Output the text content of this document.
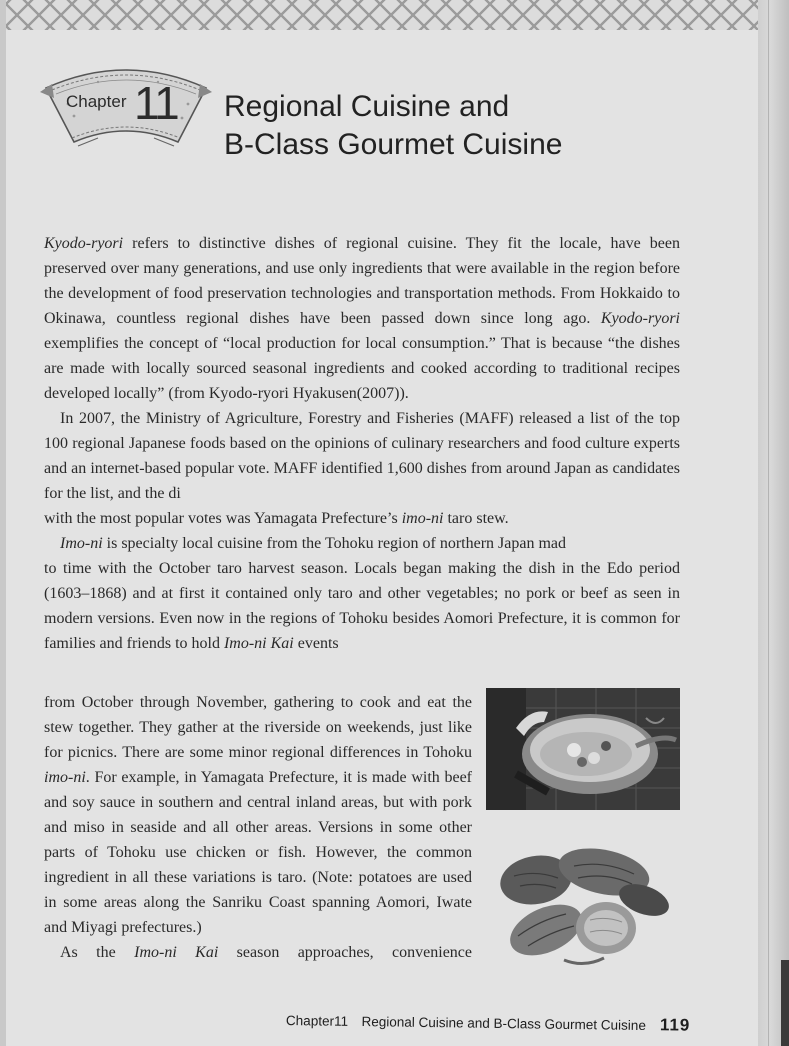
Chapter 11 Regional Cuisine and
B-Class Gourmet Cuisine

Kyodo-ryori refers to distinctive dishes of regional cuisine. They fit the locale, have been preserved over many generations, and use only ingredients that were available in the region before the development of food preservation technologies and transportation methods. From Hokkaido to Okinawa, countless regional dishes have been passed down since long ago. Kyodo-ryori exemplifies the concept of “local production for local consumption.” That is because “the dishes are made with locally sourced seasonal ingredients and cooked according to traditional recipes developed locally” (from Kyodo-ryori Hyakusen(2007)).

In 2007, the Ministry of Agriculture, Forestry and Fisheries (MAFF) released a list of the top 100 regional Japanese foods based on the opinions of culinary researchers and food culture experts and an internet-based popular vote. MAFF identified 1,600 dishes from around Japan as candidates for the list, and the di
with the most popular votes was Yamagata Prefecture’s imo-ni taro stew.

Imo-ni is specialty local cuisine from the Tohoku region of northern Japan mad
to time with the October taro harvest season. Locals began making the dish in the Edo period (1603–1868) and at first it contained only taro and other vegetables; no pork or beef as seen in modern versions. Even now in the regions of Tohoku besides Aomori Prefecture, it is common for families and friends to hold Imo-ni Kai events

from October through November, gathering to cook and eat the stew together. They gather at the riverside on weekends, just like for picnics. There are some minor regional differences in Tohoku imo-ni. For example, in Yamagata Prefecture, it is made with beef and soy sauce in southern and central inland areas, but with pork and miso in seaside and all other areas. Versions in some other parts of Tohoku use chicken or fish. However, the common ingredient in all these variations is taro. (Note: potatoes are used in some areas along the Sanriku Coast spanning Aomori, Iwate and Miyagi prefectures.)

As the Imo-ni Kai season approaches, convenience

Chapter11 Regional Cuisine and B-Class Gourmet Cuisine 119
